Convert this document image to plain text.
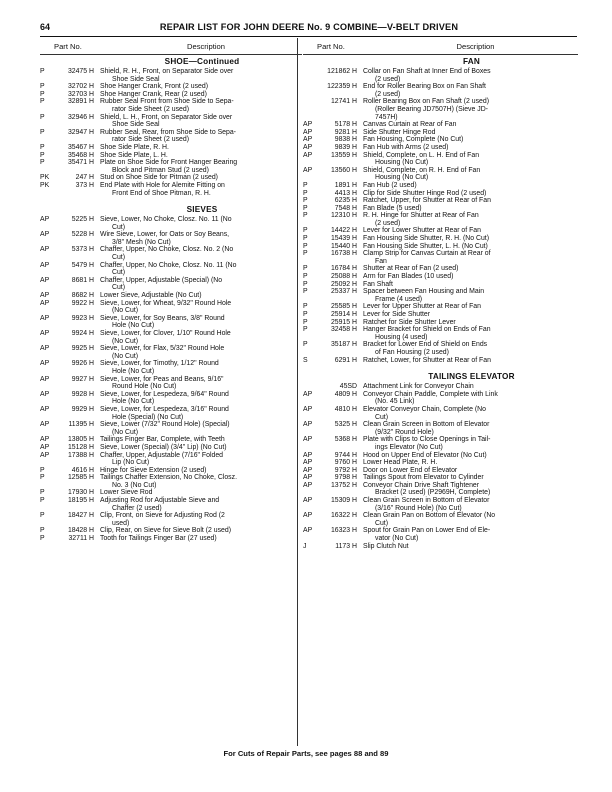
64	REPAIR LIST FOR JOHN DEERE No. 9 COMBINE—V-BELT DRIVEN
Part No.	Description
SHOE—Continued
P	32475 H Shield, R. H., Front, on Separator Side over
Shoe Side Seal
P	32702 H Shoe Hanger Crank, Front (2 used)
P	32703 H Shoe Hanger Crank, Rear (2 used)
P	32891 H Rubber Seal Front from Shoe Side to Sepa-
rator Side Sheet (2 used)
P	32946 H Shield, L. H., Front, on Separator Side over
Shoe Side Seal
P	32947 H Rubber Seal, Rear, from Shoe Side to Sepa-
rator Side Sheet (2 used)
P	35467 H Shoe Side Plate, R. H.
P	35468 H Shoe Side Plate, L. H.
P	35471 H Plate on Shoe Side for Front Hanger Bearing
Block and Pitman Stud (2 used)
PK	247 H Stud on Shoe Side for Pitman (2 used)
PK	373 H End Plate with Hole for Alemite Fitting on
Front End of Shoe Pitman, R. H.
SIEVES
AP	5225 H Sieve, Lower, No Choke, Closz. No. 11 (No
Cut)
AP	5228 H Wire Sieve, Lower, for Oats or Soy Beans,
3/8" Mesh (No Cut)
AP	5373 H Chaffer, Upper, No Choke, Closz. No. 2 (No
Cut)
AP	5479 H Chaffer, Upper, No Choke, Closz. No. 11 (No
Cut)
AP	8681 H Chaffer, Upper, Adjustable (Special) (No
Cut)
AP	8682 H Lower Sieve, Adjustable (No Cut)
AP	9922 H Sieve, Lower, for Wheat, 9/32" Round Hole
(No Cut)
AP	9923 H Sieve, Lower, for Soy Beans, 3/8" Round
Hole (No Cut)
AP	9924 H Sieve, Lower, for Clover, 1/10" Round Hole
(No Cut)
AP	9925 H Sieve, Lower, for Flax, 5/32" Round Hole
(No Cut)
AP	9926 H Sieve, Lower, for Timothy, 1/12" Round
Hole (No Cut)
AP	9927 H Sieve, Lower, for Peas and Beans, 9/16"
Round Hole (No Cut)
AP	9928 H Sieve, Lower, for Lespedeza, 9/64" Round
Hole (No Cut)
AP	9929 H Sieve, Lower, for Lespedeza, 3/16" Round
Hole (Special) (No Cut)
AP	11395 H Sieve, Lower (7/32" Round Hole) (Special)
(No Cut)
AP	13805 H Tailings Finger Bar, Complete, with Teeth
AP	15128 H Sieve, Lower (Special) (3/4" Lip) (No Cut)
AP	17388 H Chaffer, Upper, Adjustable (7/16" Folded
Lip (No Cut)
P	4616 H Hinge for Sieve Extension (2 used)
P	12585 H Tailings Chaffer Extension, No Choke, Closz.
No. 3 (No Cut)
P	17930 H Lower Sieve Rod
P	18195 H Adjusting Rod for Adjustable Sieve and
Chaffer (2 used)
P	18427 H Clip, Front, on Sieve for Adjusting Rod (2
used)
P	18428 H Clip, Rear, on Sieve for Sieve Bolt (2 used)
P	32711 H Tooth for Tailings Finger Bar (27 used)
Part No.	Description
FAN
121862 H Collar on Fan Shaft at Inner End of Boxes
(2 used)
122359 H End for Roller Bearing Box on Fan Shaft
(2 used)
12741 H Roller Bearing Box on Fan Shaft (2 used)
(Roller Bearing JD7507H) (Sieve JD-
7457H)
AP	5178 H Canvas Curtain at Rear of Fan
AP	9281 H Side Shutter Hinge Rod
AP	9838 H Fan Housing, Complete (No Cut)
AP	9839 H Fan Hub with Arms (2 used)
AP	13559 H Shield, Complete, on L. H. End of Fan
Housing (No Cut)
AP	13560 H Shield, Complete, on R. H. End of Fan
Housing (No Cut)
P	1891 H Fan Hub (2 used)
P	4413 H Clip for Side Shutter Hinge Rod (2 used)
P	6235 H Ratchet, Upper, for Shutter at Rear of Fan
P	7548 H Fan Blade (5 used)
P	12310 H R. H. Hinge for Shutter at Rear of Fan
(2 used)
P	14422 H Lever for Lower Shutter at Rear of Fan
P	15439 H Fan Housing Side Shutter, R. H. (No Cut)
P	15440 H Fan Housing Side Shutter, L. H. (No Cut)
P	16738 H Clamp Strip for Canvas Curtain at Rear of
Fan
P	16784 H Shutter at Rear of Fan (2 used)
P	25088 H Arm for Fan Blades (10 used)
P	25092 H Fan Shaft
P	25337 H Spacer between Fan Housing and Main
Frame (4 used)
P	25585 H Lever for Upper Shutter at Rear of Fan
P	25914 H Lever for Side Shutter
P	25915 H Ratchet for Side Shutter Lever
P	32458 H Hanger Bracket for Shield on Ends of Fan
Housing (4 used)
P	35187 H Bracket for Lower End of Shield on Ends
of Fan Housing (2 used)
S	6291 H Ratchet, Lower, for Shutter at Rear of Fan
TAILINGS ELEVATOR
45SD Attachment Link for Conveyor Chain
AP	4809 H Conveyor Chain Paddle, Complete with Link
(No. 45 Link)
AP	4810 H Elevator Conveyor Chain, Complete (No
Cut)
AP	5325 H Clean Grain Screen in Bottom of Elevator
(9/32" Round Hole)
AP	5368 H Plate with Clips to Close Openings in Tail-
ings Elevator (No Cut)
AP	9744 H Hood on Upper End of Elevator (No Cut)
AP	9760 H Lower Head Plate, R. H.
AP	9792 H Door on Lower End of Elevator
AP	9798 H Tailings Spout from Elevator to Cylinder
AP	13752 H Conveyor Chain Drive Shaft Tightener
Bracket (2 used) (P2969H, Complete)
AP	15309 H Clean Grain Screen in Bottom of Elevator
(3/16" Round Hole) (No Cut)
AP	16322 H Clean Grain Pan on Bottom of Elevator (No
Cut)
AP	16323 H Spout for Grain Pan on Lower End of Ele-
vator (No Cut)
J	1173 H Slip Clutch Nut
For Cuts of Repair Parts, see pages 88 and 89
